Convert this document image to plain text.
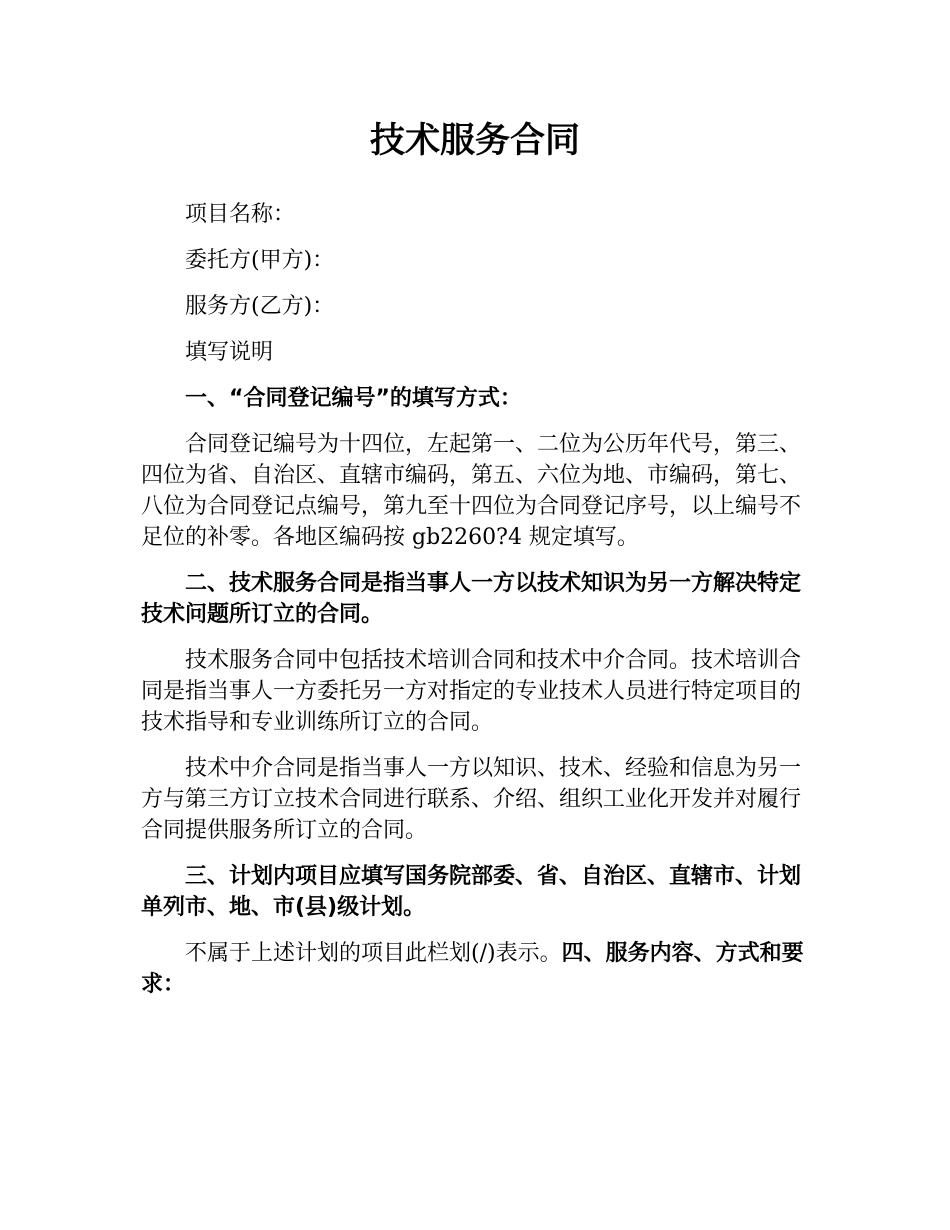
技术服务合同

项目名称：

委托方(甲方)：

服务方(乙方)：

填写说明

一、“合同登记编号”的填写方式：

合同登记编号为十四位，左起第一、二位为公历年代号，第三、四位为省、自治区、直辖市编码，第五、六位为地、市编码，第七、八位为合同登记点编号，第九至十四位为合同登记序号，以上编号不足位的补零。各地区编码按 gb2260?4 规定填写。

二、技术服务合同是指当事人一方以技术知识为另一方解决特定技术问题所订立的合同。

技术服务合同中包括技术培训合同和技术中介合同。技术培训合同是指当事人一方委托另一方对指定的专业技术人员进行特定项目的技术指导和专业训练所订立的合同。

技术中介合同是指当事人一方以知识、技术、经验和信息为另一方与第三方订立技术合同进行联系、介绍、组织工业化开发并对履行合同提供服务所订立的合同。

三、计划内项目应填写国务院部委、省、自治区、直辖市、计划单列市、地、市(县)级计划。

不属于上述计划的项目此栏划(/)表示。四、服务内容、方式和要求：
